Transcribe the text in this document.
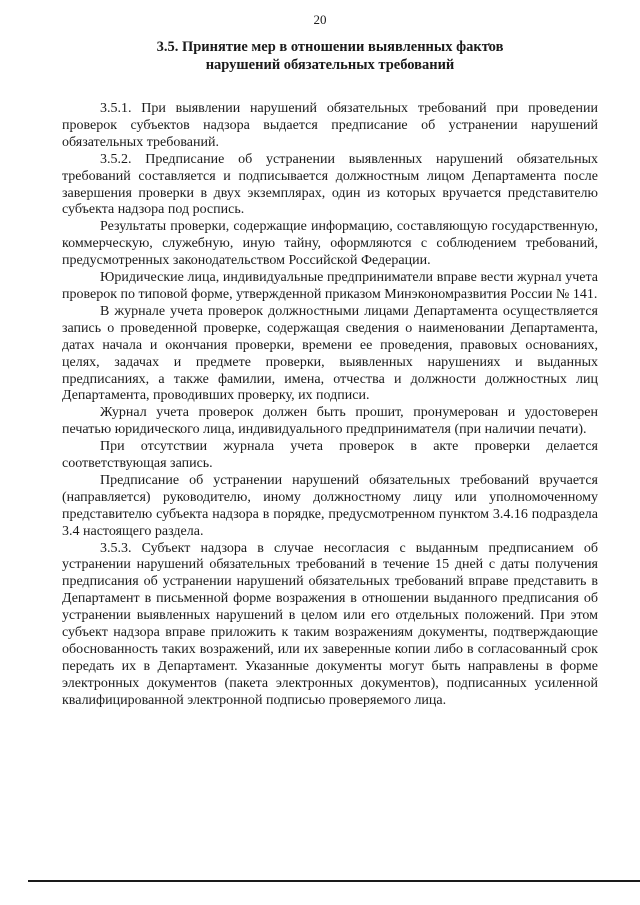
20
3.5. Принятие мер в отношении выявленных фактов
нарушений обязательных требований

3.5.1. При выявлении нарушений обязательных требований при проведении проверок субъектов надзора выдается предписание об устранении нарушений обязательных требований.

3.5.2. Предписание об устранении выявленных нарушений обязательных требований составляется и подписывается должностным лицом Департамента после завершения проверки в двух экземплярах, один из которых вручается представителю субъекта надзора под роспись.

Результаты проверки, содержащие информацию, составляющую государственную, коммерческую, служебную, иную тайну, оформляются с соблюдением требований, предусмотренных законодательством Российской Федерации.

Юридические лица, индивидуальные предприниматели вправе вести журнал учета проверок по типовой форме, утвержденной приказом Минэкономразвития России № 141.

В журнале учета проверок должностными лицами Департамента осуществляется запись о проведенной проверке, содержащая сведения о наименовании Департамента, датах начала и окончания проверки, времени ее проведения, правовых основаниях, целях, задачах и предмете проверки, выявленных нарушениях и выданных предписаниях, а также фамилии, имена, отчества и должности должностных лиц Департамента, проводивших проверку, их подписи.

Журнал учета проверок должен быть прошит, пронумерован и удостоверен печатью юридического лица, индивидуального предпринимателя (при наличии печати).

При отсутствии журнала учета проверок в акте проверки делается соответствующая запись.

Предписание об устранении нарушений обязательных требований вручается (направляется) руководителю, иному должностному лицу или уполномоченному представителю субъекта надзора в порядке, предусмотренном пунктом 3.4.16 подраздела 3.4 настоящего раздела.

3.5.3. Субъект надзора в случае несогласия с выданным предписанием об устранении нарушений обязательных требований в течение 15 дней с даты получения предписания об устранении нарушений обязательных требований вправе представить в Департамент в письменной форме возражения в отношении выданного предписания об устранении выявленных нарушений в целом или его отдельных положений. При этом субъект надзора вправе приложить к таким возражениям документы, подтверждающие обоснованность таких возражений, или их заверенные копии либо в согласованный срок передать их в Департамент. Указанные документы могут быть направлены в форме электронных документов (пакета электронных документов), подписанных усиленной квалифицированной электронной подписью проверяемого лица.
